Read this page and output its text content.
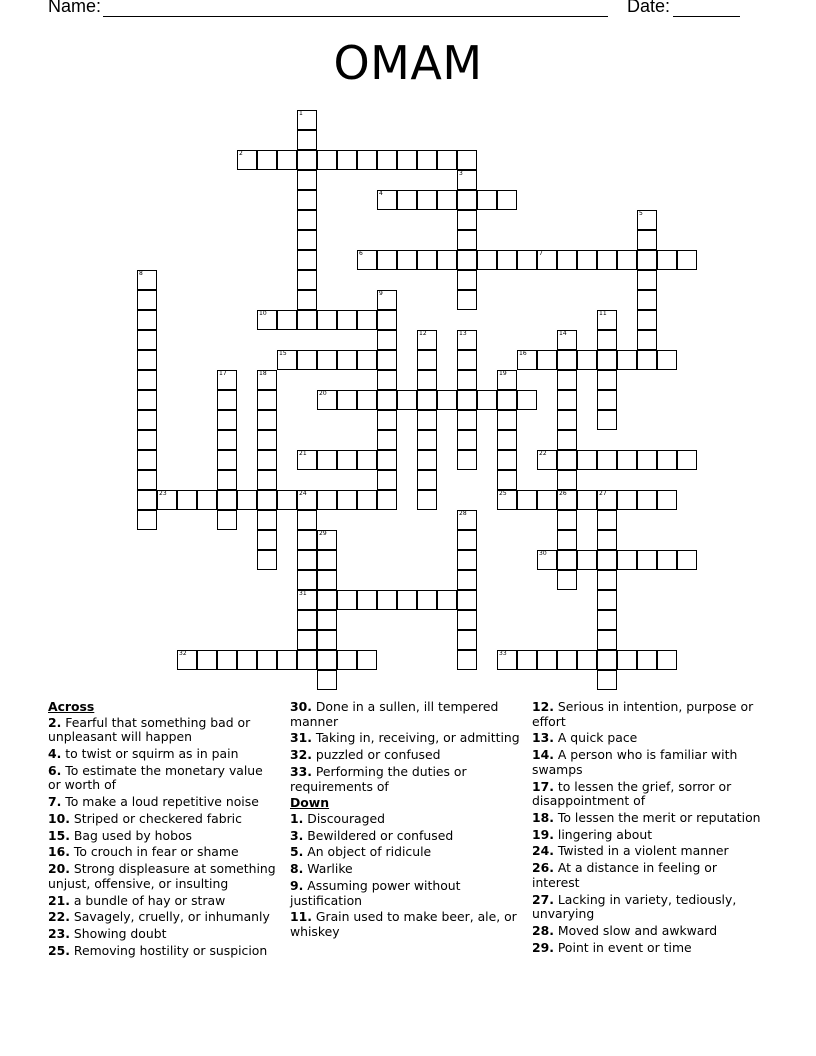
Name:	Date:
OMAM
1
2
3
4
5
6	7
8
9
10	11
12	13	14
26
15	16
17	18	19
25
20
21	22
23	24
31
27
28
29
30
32	33
Across
2. Fearful that something bad or unpleasant will happen
4. to twist or squirm as in pain
6. To estimate the monetary value or worth of
7. To make a loud repetitive noise
10. Striped or checkered fabric
15. Bag used by hobos
16. To crouch in fear or shame
20. Strong displeasure at something unjust, offensive, or insulting
21. a bundle of hay or straw
22. Savagely, cruelly, or inhumanly
23. Showing doubt
25. Removing hostility or suspicion
30. Done in a sullen, ill tempered manner
31. Taking in, receiving, or admitting
32. puzzled or confused
33. Performing the duties or requirements of
Down
1. Discouraged
3. Bewildered or confused
5. An object of ridicule
8. Warlike
9. Assuming power without justification
11. Grain used to make beer, ale, or whiskey
12. Serious in intention, purpose or effort
13. A quick pace
14. A person who is familiar with swamps
17. to lessen the grief, sorror or disappointment of
18. To lessen the merit or reputation
19. lingering about
24. Twisted in a violent manner
26. At a distance in feeling or interest
27. Lacking in variety, tediously, unvarying
28. Moved slow and awkward
29. Point in event or time
